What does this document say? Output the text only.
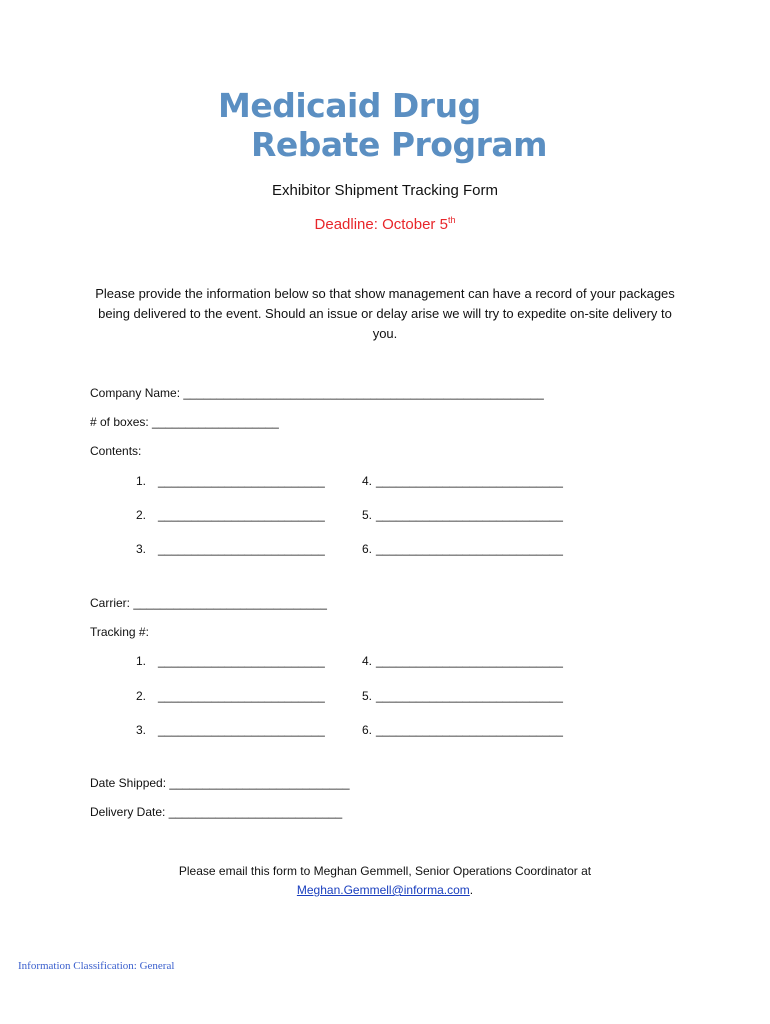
Medicaid Drug
Rebate Program
Exhibitor Shipment Tracking Form
Deadline: October 5th
Please provide the information below so that show management can have a record of your packages being delivered to the event. Should an issue or delay arise we will try to expedite on-site delivery to you.
Company Name: ______________________________________________________
# of boxes: ___________________
Contents:
1. _________________________	4. ____________________________
2. _________________________	5. ____________________________
3. _________________________	6. ____________________________
Carrier: _____________________________
Tracking #:
1. _________________________	4. ____________________________
2. _________________________	5. ____________________________
3. _________________________	6. ____________________________
Date Shipped: ___________________________
Delivery Date: __________________________
Please email this form to Meghan Gemmell, Senior Operations Coordinator at
Meghan.Gemmell@informa.com.
Information Classification: General
